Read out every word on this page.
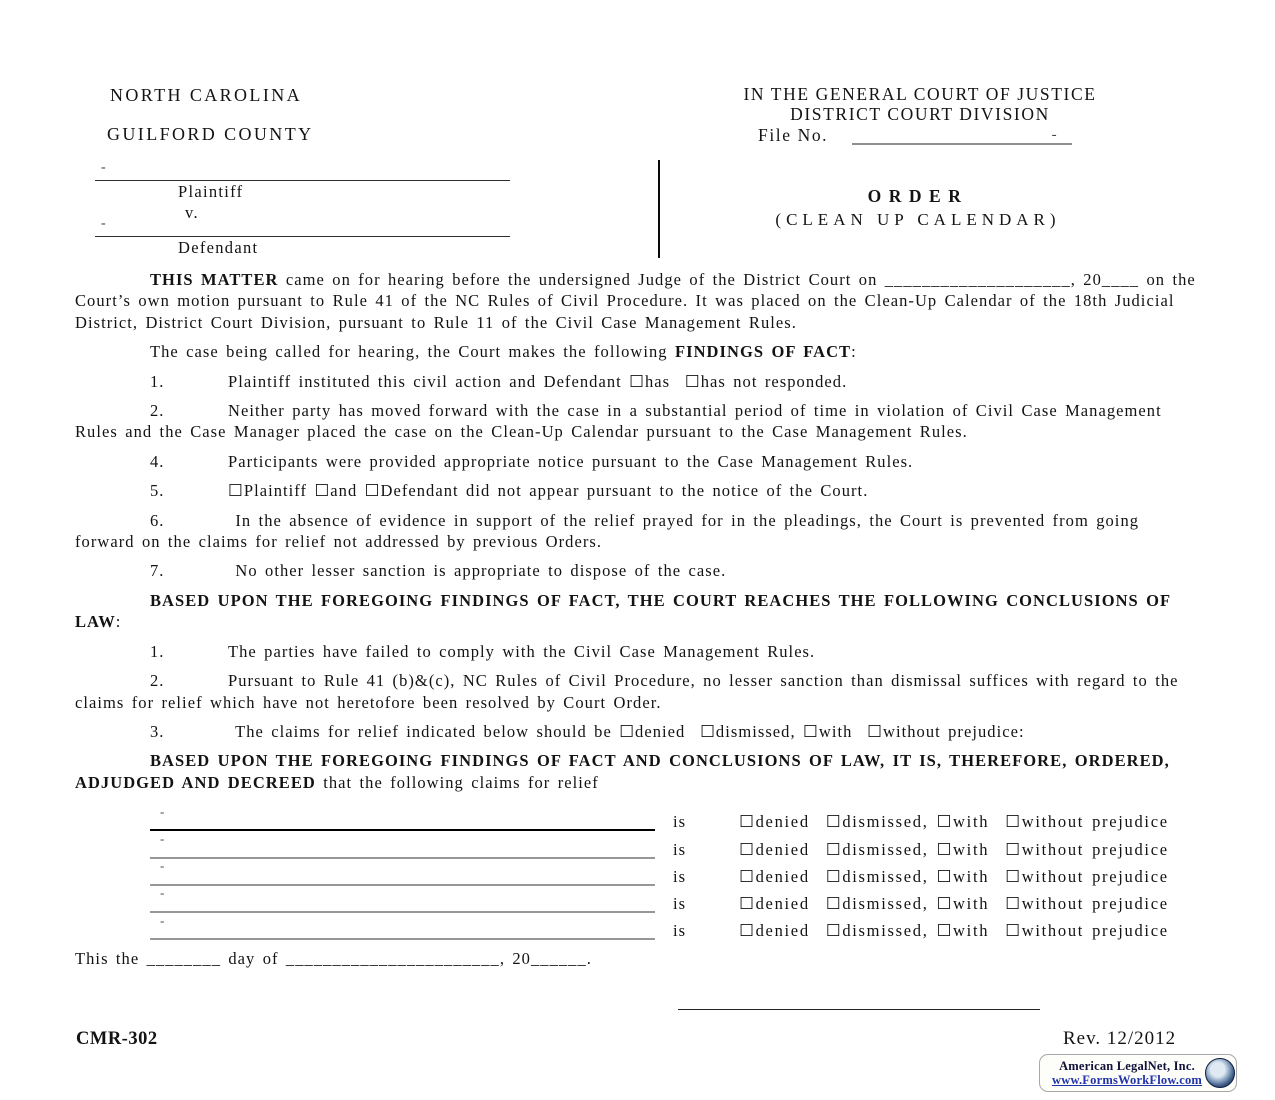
NORTH CAROLINA
GUILFORD COUNTY
IN THE GENERAL COURT OF JUSTICE
DISTRICT COURT DIVISION
File No.	-
-
Plaintiff
v.
-
Defendant
ORDER
(CLEAN UP CALENDAR)

THIS MATTER came on for hearing before the undersigned Judge of the District Court on ____________________, 20____ on the Court’s own motion pursuant to Rule 41 of the NC Rules of Civil Procedure. It was placed on the Clean-Up Calendar of the 18th Judicial District, District Court Division, pursuant to Rule 11 of the Civil Case Management Rules.

The case being called for hearing, the Court makes the following FINDINGS OF FACT:

1.	Plaintiff instituted this civil action and Defendant ☐has  ☐has not responded.

2.	Neither party has moved forward with the case in a substantial period of time in violation of Civil Case Management Rules and the Case Manager placed the case on the Clean-Up Calendar pursuant to the Case Management Rules.

4.	Participants were provided appropriate notice pursuant to the Case Management Rules.

5.	☐Plaintiff ☐and ☐Defendant did not appear pursuant to the notice of the Court.

6.	In the absence of evidence in support of the relief prayed for in the pleadings, the Court is prevented from going forward on the claims for relief not addressed by previous Orders.

7.	No other lesser sanction is appropriate to dispose of the case.

BASED UPON THE FOREGOING FINDINGS OF FACT, THE COURT REACHES THE FOLLOWING CONCLUSIONS OF LAW:

1.	The parties have failed to comply with the Civil Case Management Rules.

2.	Pursuant to Rule 41 (b)&(c), NC Rules of Civil Procedure, no lesser sanction than dismissal suffices with regard to the claims for relief which have not heretofore been resolved by Court Order.

3.	The claims for relief indicated below should be ☐denied  ☐dismissed, ☐with  ☐without prejudice:

BASED UPON THE FOREGOING FINDINGS OF FACT AND CONCLUSIONS OF LAW, IT IS, THEREFORE, ORDERED, ADJUDGED AND DECREED that the following claims for relief

-
is	☐denied  ☐dismissed, ☐with  ☐without prejudice
-
is	☐denied  ☐dismissed, ☐with  ☐without prejudice
-
is	☐denied  ☐dismissed, ☐with  ☐without prejudice
-
is	☐denied  ☐dismissed, ☐with  ☐without prejudice
-
is	☐denied  ☐dismissed, ☐with  ☐without prejudice

This the ________ day of _______________________, 20______.

CMR-302	Rev. 12/2012
American LegalNet, Inc.
www.FormsWorkFlow.com
